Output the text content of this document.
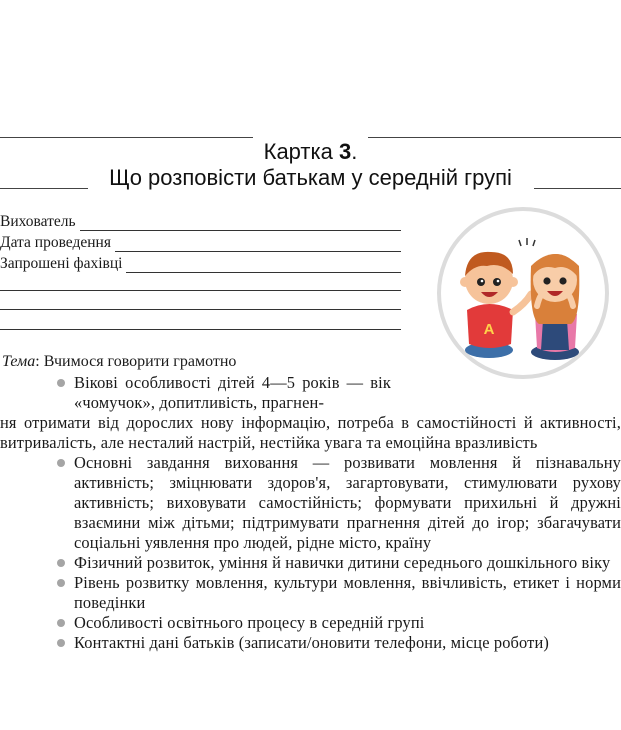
Картка 3.
Що розповісти батькам у середній групі
Вихователь
Дата проведення
Запрошені фахівці
A
Тема: Вчимося говорити грамотно
Вікові особливості дітей 4—5 років — вік «чомучок», допитливість, прагнен-
ня отримати від дорослих нову інформацію, потреба в самостійності й активності, витривалість, але несталий настрій, нестійка увага та емоційна вразливість
Основні завдання виховання — розвивати мовлення й пізнавальну активність; зміцнювати здоров'я, загартовувати, стимулювати рухову активність; виховувати самостійність; формувати прихильні й дружні взаємини між дітьми; підтримувати прагнення дітей до ігор; збагачувати соціальні уявлення про людей, рідне місто, країну
Фізичний розвиток, уміння й навички дитини середнього дошкільного віку
Рівень розвитку мовлення, культури мовлення, ввічливість, етикет і норми поведінки
Особливості освітнього процесу в середній групі
Контактні дані батьків (записати/оновити телефони, місце роботи)
